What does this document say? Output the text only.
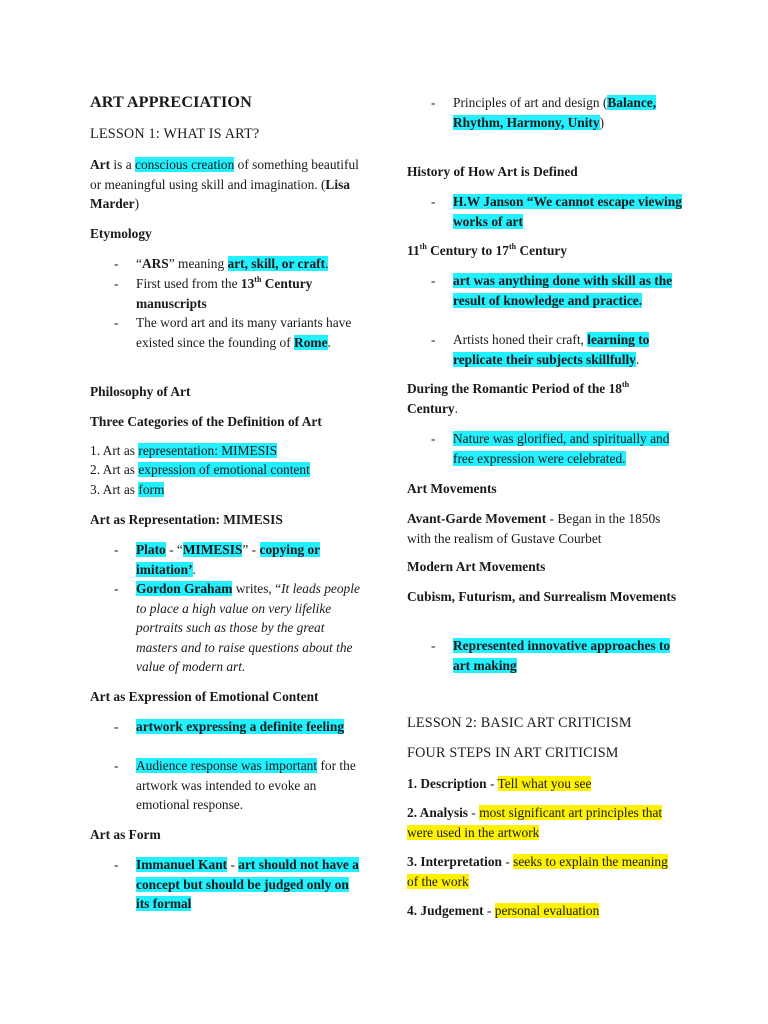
ART APPRECIATION
LESSON 1: WHAT IS ART?
Art is a conscious creation of something beautiful or meaningful using skill and imagination. (Lisa Marder)
Etymology
- “ARS” meaning art, skill, or craft.
- First used from the 13th Century manuscripts
- The word art and its many variants have existed since the founding of Rome.
Philosophy of Art
Three Categories of the Definition of Art
1. Art as representation: MIMESIS
2. Art as expression of emotional content
3. Art as form
Art as Representation: MIMESIS
- Plato - “MIMESIS” - copying or imitation’.
- Gordon Graham writes, “It leads people to place a high value on very lifelike portraits such as those by the great masters and to raise questions about the value of modern art.
Art as Expression of Emotional Content
- artwork expressing a definite feeling
- Audience response was important for the artwork was intended to evoke an emotional response.
Art as Form
- Immanuel Kant - art should not have a concept but should be judged only on its formal
- Principles of art and design (Balance, Rhythm, Harmony, Unity)
History of How Art is Defined
- H.W Janson “We cannot escape viewing works of art
11th Century to 17th Century
- art was anything done with skill as the result of knowledge and practice.
- Artists honed their craft, learning to replicate their subjects skillfully.
During the Romantic Period of the 18th Century.
- Nature was glorified, and spiritually and free expression were celebrated.
Art Movements
Avant-Garde Movement - Began in the 1850s with the realism of Gustave Courbet
Modern Art Movements
Cubism, Futurism, and Surrealism Movements
- Represented innovative approaches to art making
LESSON 2: BASIC ART CRITICISM
FOUR STEPS IN ART CRITICISM
1. Description - Tell what you see
2. Analysis - most significant art principles that were used in the artwork
3. Interpretation - seeks to explain the meaning of the work
4. Judgement - personal evaluation
